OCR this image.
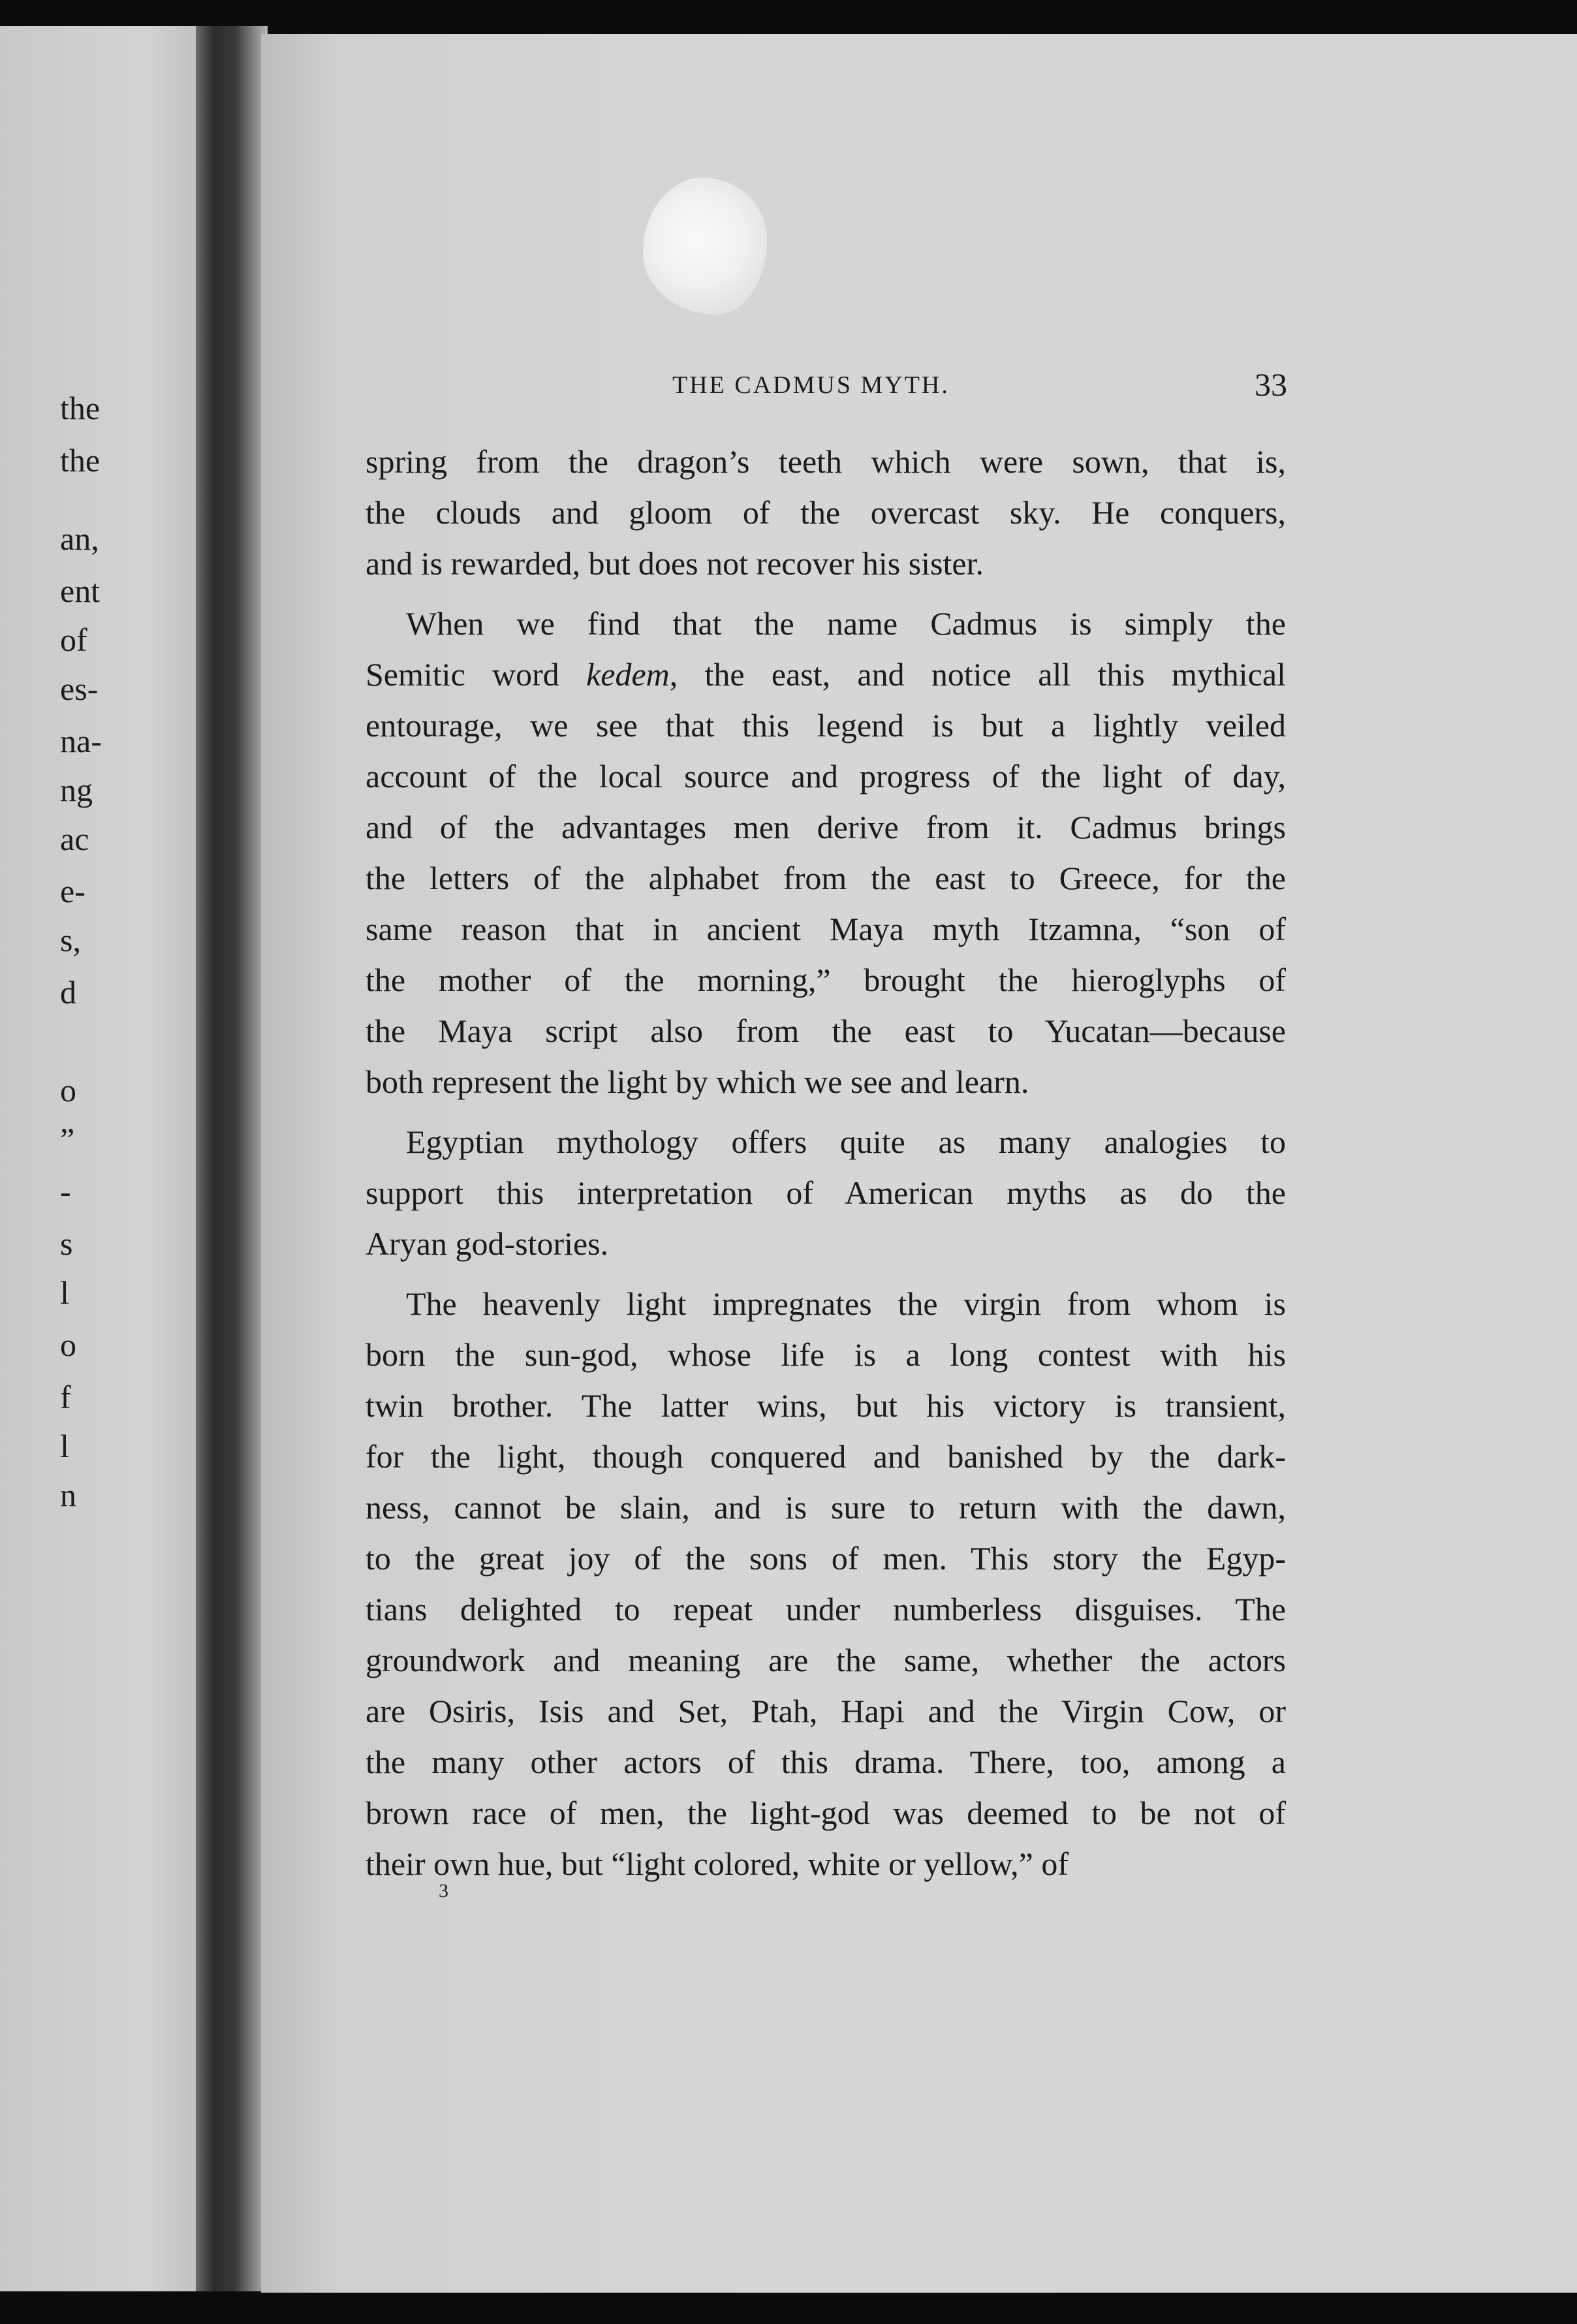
the
the
an,
ent
of
es-
na-
ng
ac
e-
s,
d
o
”
-
s
l
o
f
l
n
THE CADMUS MYTH.	33
spring from the dragon’s teeth which were sown, that is,
the clouds and gloom of the overcast sky. He conquers,
and is rewarded, but does not recover his sister.
When we find that the name Cadmus is simply the
Semitic word kedem, the east, and notice all this mythical
entourage, we see that this legend is but a lightly veiled
account of the local source and progress of the light of day,
and of the advantages men derive from it. Cadmus brings
the letters of the alphabet from the east to Greece, for the
same reason that in ancient Maya myth Itzamna, “son of
the mother of the morning,” brought the hieroglyphs of
the Maya script also from the east to Yucatan—because
both represent the light by which we see and learn.
Egyptian mythology offers quite as many analogies to
support this interpretation of American myths as do the
Aryan god-stories.
The heavenly light impregnates the virgin from whom is
born the sun-god, whose life is a long contest with his
twin brother. The latter wins, but his victory is transient,
for the light, though conquered and banished by the dark-
ness, cannot be slain, and is sure to return with the dawn,
to the great joy of the sons of men. This story the Egyp-
tians delighted to repeat under numberless disguises. The
groundwork and meaning are the same, whether the actors
are Osiris, Isis and Set, Ptah, Hapi and the Virgin Cow, or
the many other actors of this drama. There, too, among a
brown race of men, the light-god was deemed to be not of
their own hue, but “light colored, white or yellow,” of
3
